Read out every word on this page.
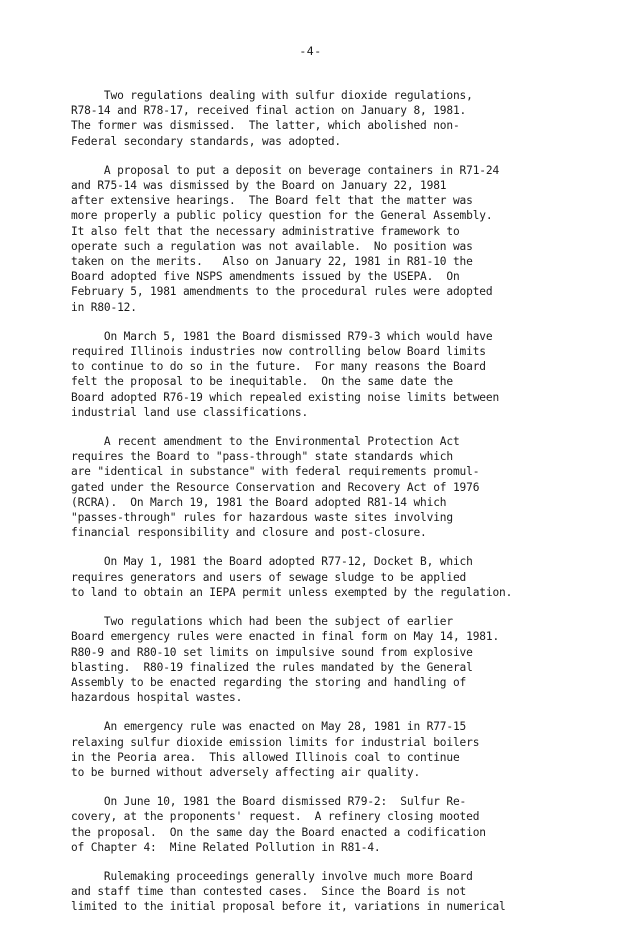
-4-
Two regulations dealing with sulfur dioxide regulations,
R78-14 and R78-17, received final action on January 8, 1981.
The former was dismissed.  The latter, which abolished non-
Federal secondary standards, was adopted.
A proposal to put a deposit on beverage containers in R71-24
and R75-14 was dismissed by the Board on January 22, 1981
after extensive hearings.  The Board felt that the matter was
more properly a public policy question for the General Assembly.
It also felt that the necessary administrative framework to
operate such a regulation was not available.  No position was
taken on the merits.   Also on January 22, 1981 in R81-10 the
Board adopted five NSPS amendments issued by the USEPA.  On
February 5, 1981 amendments to the procedural rules were adopted
in R80-12.
On March 5, 1981 the Board dismissed R79-3 which would have
required Illinois industries now controlling below Board limits
to continue to do so in the future.  For many reasons the Board
felt the proposal to be inequitable.  On the same date the
Board adopted R76-19 which repealed existing noise limits between
industrial land use classifications.
A recent amendment to the Environmental Protection Act
requires the Board to "pass-through" state standards which
are "identical in substance" with federal requirements promul-
gated under the Resource Conservation and Recovery Act of 1976
(RCRA).  On March 19, 1981 the Board adopted R81-14 which
"passes-through" rules for hazardous waste sites involving
financial responsibility and closure and post-closure.
On May 1, 1981 the Board adopted R77-12, Docket B, which
requires generators and users of sewage sludge to be applied
to land to obtain an IEPA permit unless exempted by the regulation.
Two regulations which had been the subject of earlier
Board emergency rules were enacted in final form on May 14, 1981.
R80-9 and R80-10 set limits on impulsive sound from explosive
blasting.  R80-19 finalized the rules mandated by the General
Assembly to be enacted regarding the storing and handling of
hazardous hospital wastes.
An emergency rule was enacted on May 28, 1981 in R77-15
relaxing sulfur dioxide emission limits for industrial boilers
in the Peoria area.  This allowed Illinois coal to continue
to be burned without adversely affecting air quality.
On June 10, 1981 the Board dismissed R79-2:  Sulfur Re-
covery, at the proponents' request.  A refinery closing mooted
the proposal.  On the same day the Board enacted a codification
of Chapter 4:  Mine Related Pollution in R81-4.
Rulemaking proceedings generally involve much more Board
and staff time than contested cases.  Since the Board is not
limited to the initial proposal before it, variations in numerical
